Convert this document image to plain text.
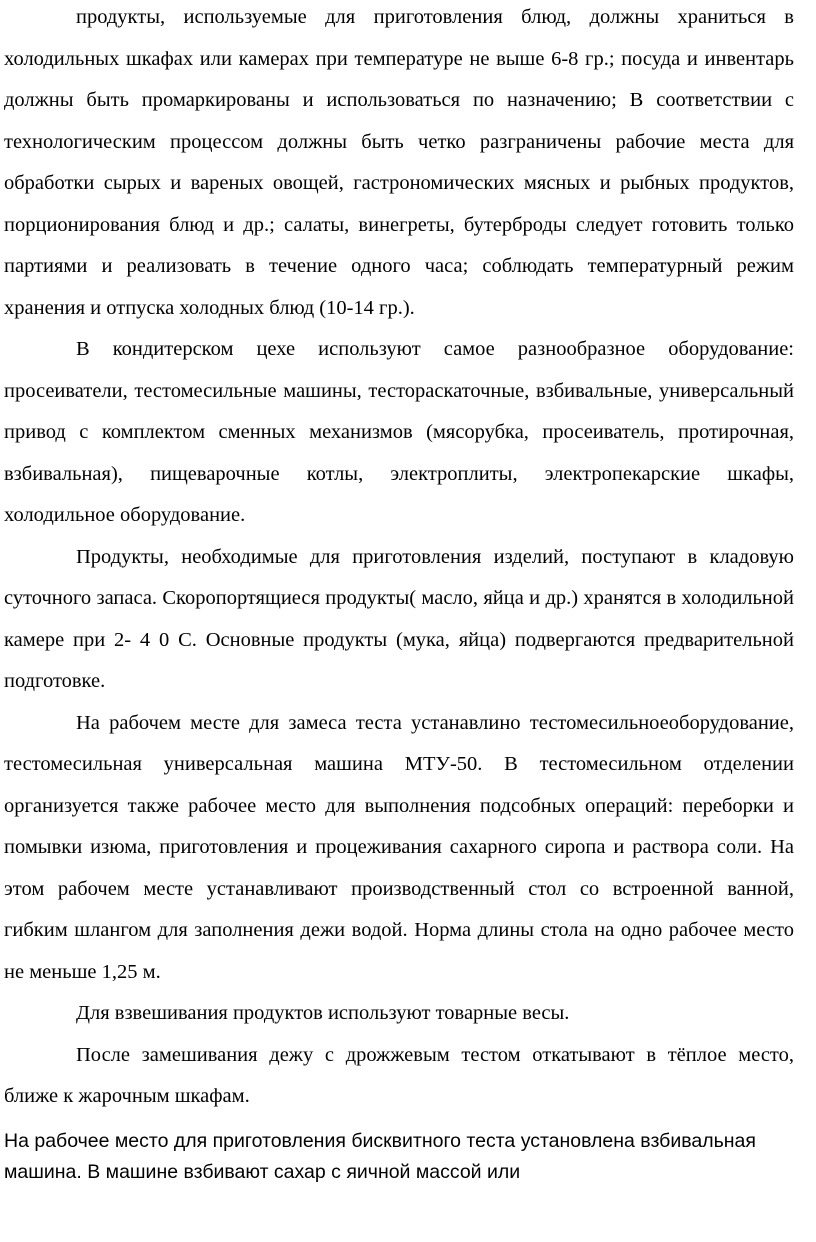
продукты, используемые для приготовления блюд, должны храниться в холодильных шкафах или камерах при температуре не выше 6-8 гр.; посуда и инвентарь должны быть промаркированы и использоваться по назначению; В соответствии с технологическим процессом должны быть четко разграничены рабочие места для обработки сырых и вареных овощей, гастрономических мясных и рыбных продуктов, порционирования блюд и др.; салаты, винегреты, бутерброды следует готовить только партиями и реализовать в течение одного часа; соблюдать температурный режим хранения и отпуска холодных блюд (10-14 гр.).

В кондитерском цехе используют самое разнообразное оборудование: просеиватели, тестомесильные машины, тестораскаточные, взбивальные, универсальный привод с комплектом сменных механизмов (мясорубка, просеиватель, протирочная, взбивальная), пищеварочные котлы, электроплиты, электропекарские шкафы, холодильное оборудование.

Продукты, необходимые для приготовления изделий, поступают в кладовую суточного запаса. Скоропортящиеся продукты( масло, яйца и др.) хранятся в холодильной камере при 2- 4 0 С. Основные продукты (мука, яйца) подвергаются предварительной подготовке.

На рабочем месте для замеса теста устанавлино тестомесильноеоборудование, тестомесильная универсальная машина МТУ-50. В тестомесильном отделении организуется также рабочее место для выполнения подсобных операций: переборки и помывки изюма, приготовления и процеживания сахарного сиропа и раствора соли. На этом рабочем месте устанавливают производственный стол со встроенной ванной, гибким шлангом для заполнения дежи водой. Норма длины стола на одно рабочее место не меньше 1,25 м.

Для взвешивания продуктов используют товарные весы.

После замешивания дежу с дрожжевым тестом откатывают в тёплое место, ближе к жарочным шкафам.

На рабочее место для приготовления бисквитного теста установлена взбивальная машина. В машине взбивают сахар с яичной массой или
